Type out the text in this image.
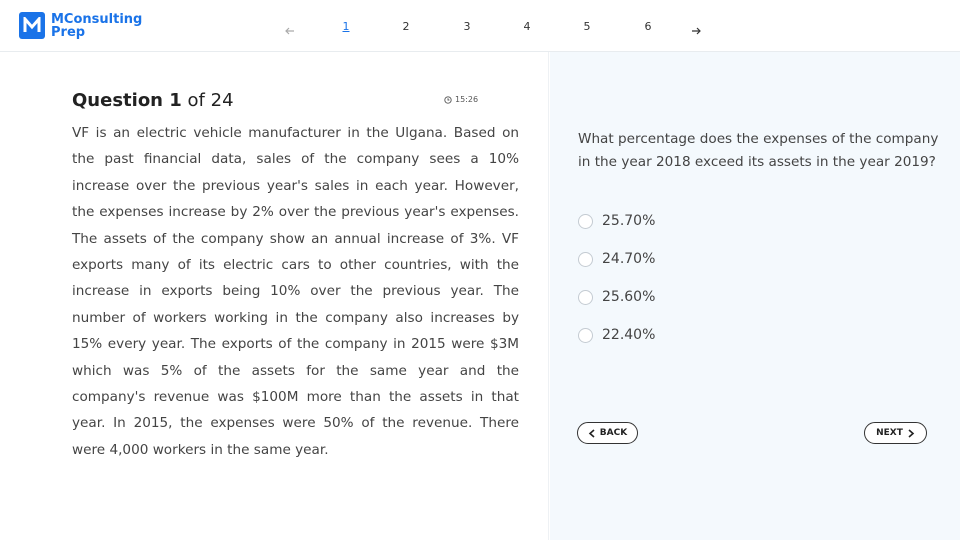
MConsulting
Prep	1	2	3	4	5	6
Question 1 of 24	15:26

VF is an electric vehicle manufacturer in the Ulgana. Based on the past financial data, sales of the company sees a 10% increase over the previous year's sales in each year. However, the expenses increase by 2% over the previous year's expenses. The assets of the company show an annual increase of 3%. VF exports many of its electric cars to other countries, with the increase in exports being 10% over the previous year. The number of workers working in the company also increases by 15% every year. The exports of the company in 2015 were $3M which was 5% of the assets for the same year and the company's revenue was $100M more than the assets in that year. In 2015, the expenses were 50% of the revenue. There were 4,000 workers in the same year.

What percentage does the expenses of the company in the year 2018 exceed its assets in the year 2019?

25.70%
24.70%
25.60%
22.40%
BACK	NEXT
